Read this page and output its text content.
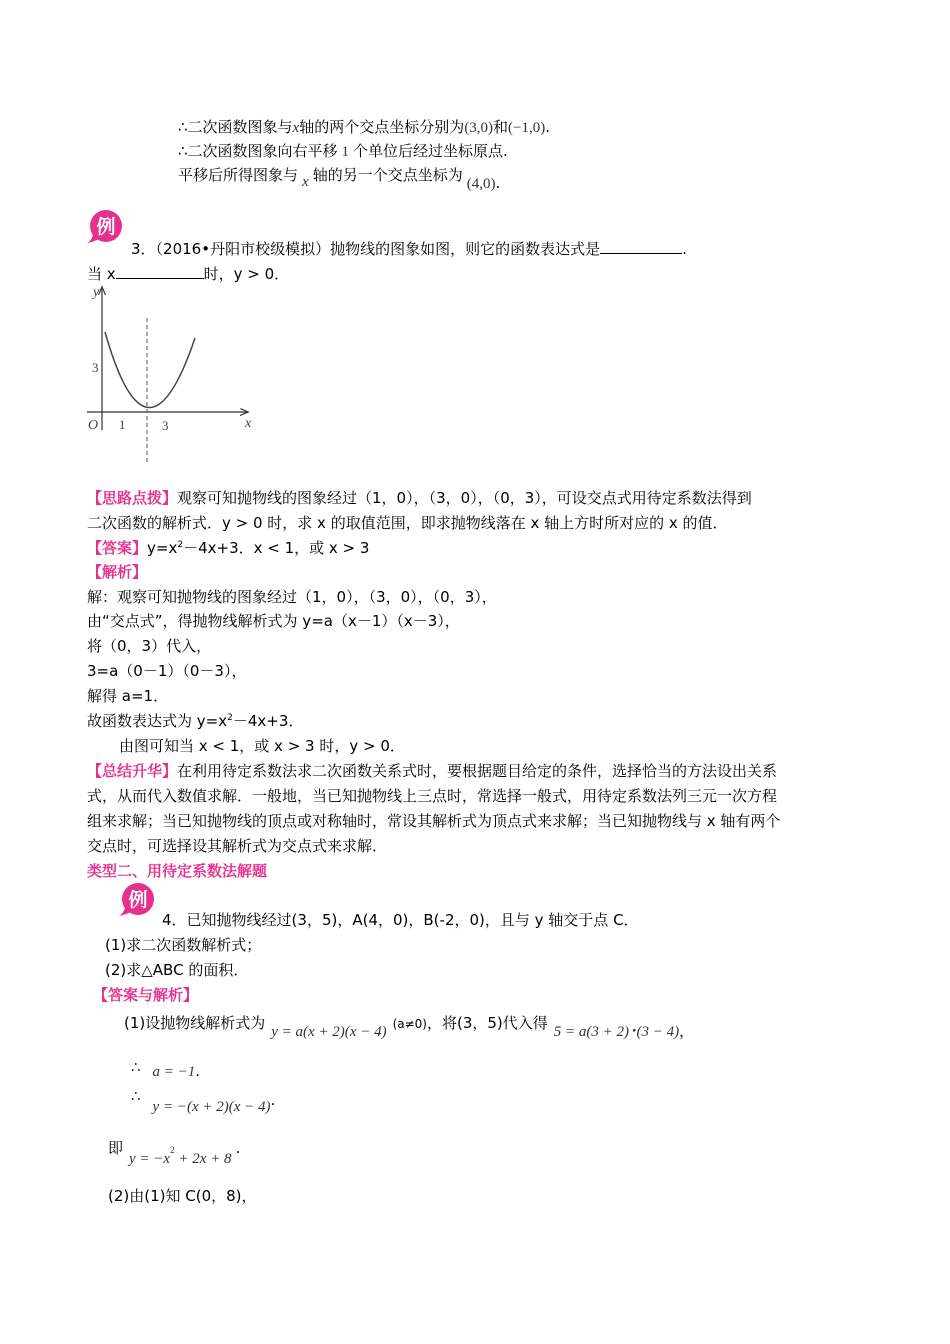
∴二次函数图象与x轴的两个交点坐标分别为(3,0)和(−1,0).
∴二次函数图象向右平移 1 个单位后经过坐标原点.
平移后所得图象与 x 轴的另一个交点坐标为 (4,0).
例
3．（2016•丹阳市校级模拟）抛物线的图象如图，则它的函数表达式是	.
当 x	时，y > 0．
y
x
O
3
1	3
【思路点拨】观察可知抛物线的图象经过（1，0），（3，0），（0，3），可设交点式用待定系数法得到
二次函数的解析式．y > 0 时，求 x 的取值范围，即求抛物线落在 x 轴上方时所对应的 x 的值．
【答案】$y=x^2-4x+3$．x < 1，或 x > 3
【解析】
解：观察可知抛物线的图象经过（1，0），（3，0），（0，3），
由“交点式”，得抛物线解析式为 y=a（x－1）（x－3），
将（0，3）代入，
3=a（0－1）（0－3），
解得 a=1．
故函数表达式为 $y=x^2-4x+3$．
由图可知当 x < 1，或 x > 3 时，y > 0．
【总结升华】在利用待定系数法求二次函数关系式时，要根据题目给定的条件，选择恰当的方法设出关系
式，从而代入数值求解．一般地，当已知抛物线上三点时，常选择一般式，用待定系数法列三元一次方程
组来求解；当已知抛物线的顶点或对称轴时，常设其解析式为顶点式来求解；当已知抛物线与 x 轴有两个
交点时，可选择设其解析式为交点式来求解．
类型二、用待定系数法解题
例
4．已知抛物线经过(3，5)，A(4，0)，B(-2，0)，且与 y 轴交于点 C．
(1)求二次函数解析式；
(2)求△ABC 的面积．
【答案与解析】
(1)设抛物线解析式为 y = a(x + 2)(x − 4) (a≠0)，将(3，5)代入得 5 = a(3 + 2)･(3 − 4)，
∴ a = −1.
∴y = −(x + 2)(x − 4).
即$y = -x^2 + 2x + 8$.
(2)由(1)知 C(0，8)，
